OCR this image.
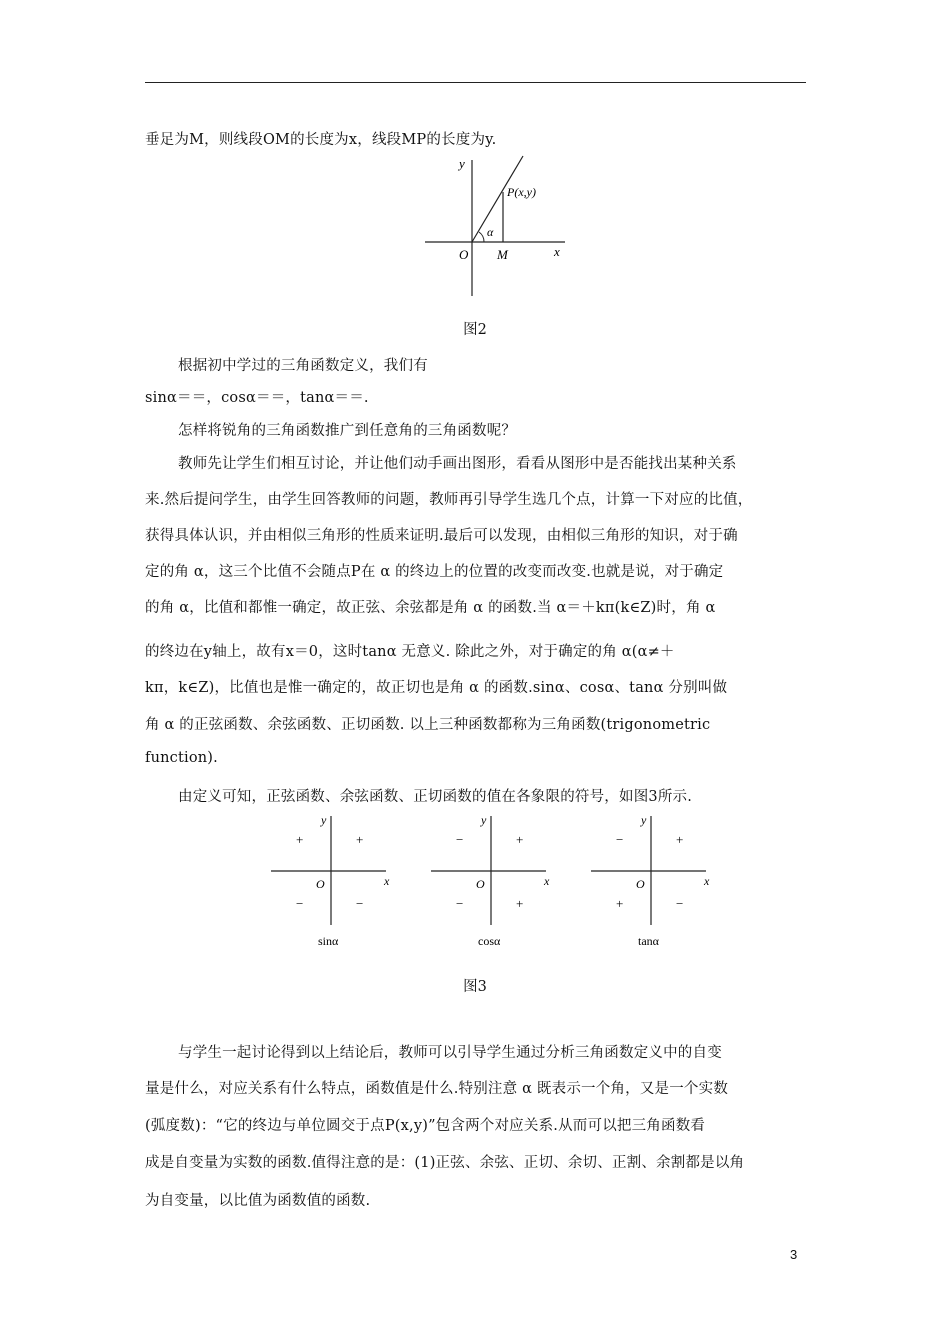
垂足为M，则线段OM的长度为x，线段MP的长度为y.
y
x
O M
P(x,y)
α
图2
根据初中学过的三角函数定义，我们有
sinα＝＝，cosα＝＝，tanα＝＝.
怎样将锐角的三角函数推广到任意角的三角函数呢？
教师先让学生们相互讨论，并让他们动手画出图形，看看从图形中是否能找出某种关系
来.然后提问学生，由学生回答教师的问题，教师再引导学生选几个点，计算一下对应的比值，
获得具体认识，并由相似三角形的性质来证明.最后可以发现，由相似三角形的知识，对于确
定的角 α，这三个比值不会随点P在 α 的终边上的位置的改变而改变.也就是说，对于确定
的角 α，比值和都惟一确定，故正弦、余弦都是角 α 的函数.当 α＝＋kπ(k∈Z)时，角 α
的终边在y轴上，故有x＝0，这时tanα 无意义. 除此之外，对于确定的角 α(α≠＋
kπ，k∈Z)，比值也是惟一确定的，故正切也是角 α 的函数.sinα、cosα、tanα 分别叫做
角 α 的正弦函数、余弦函数、正切函数. 以上三种函数都称为三角函数(trigonometric
function).
由定义可知，正弦函数、余弦函数、正切函数的值在各象限的符号，如图3所示.
y
x
O
+
+
−	−
sinα
y
x
O
+
−
−	+
cosα
y
x
O
+
−
+	−
tanα
图3
与学生一起讨论得到以上结论后，教师可以引导学生通过分析三角函数定义中的自变
量是什么，对应关系有什么特点，函数值是什么.特别注意 α 既表示一个角，又是一个实数
(弧度数)：“它的终边与单位圆交于点P(x,y)”包含两个对应关系.从而可以把三角函数看
成是自变量为实数的函数.值得注意的是：(1)正弦、余弦、正切、余切、正割、余割都是以角
为自变量，以比值为函数值的函数.
3
